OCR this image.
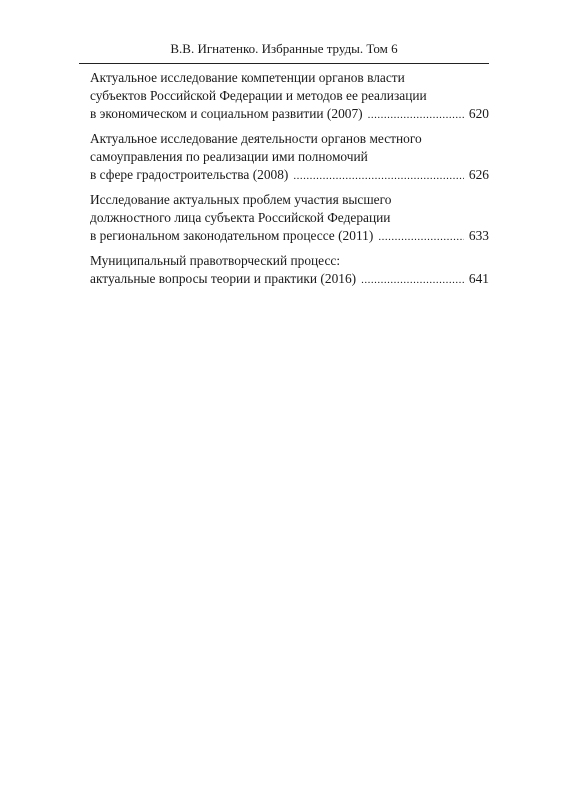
В.В. Игнатенко. Избранные труды. Том 6
Актуальное исследование компетенции органов власти
субъектов Российской Федерации и методов ее реализации
в экономическом и социальном развитии (2007) .....	620
Актуальное исследование деятельности органов местного
самоуправления по реализации ими полномочий
в сфере градостроительства (2008) .....	626
Исследование актуальных проблем участия высшего
должностного лица субъекта Российской Федерации
в региональном законодательном процессе (2011) .....	633
Муниципальный правотворческий процесс:
актуальные вопросы теории и практики (2016) .....	641
